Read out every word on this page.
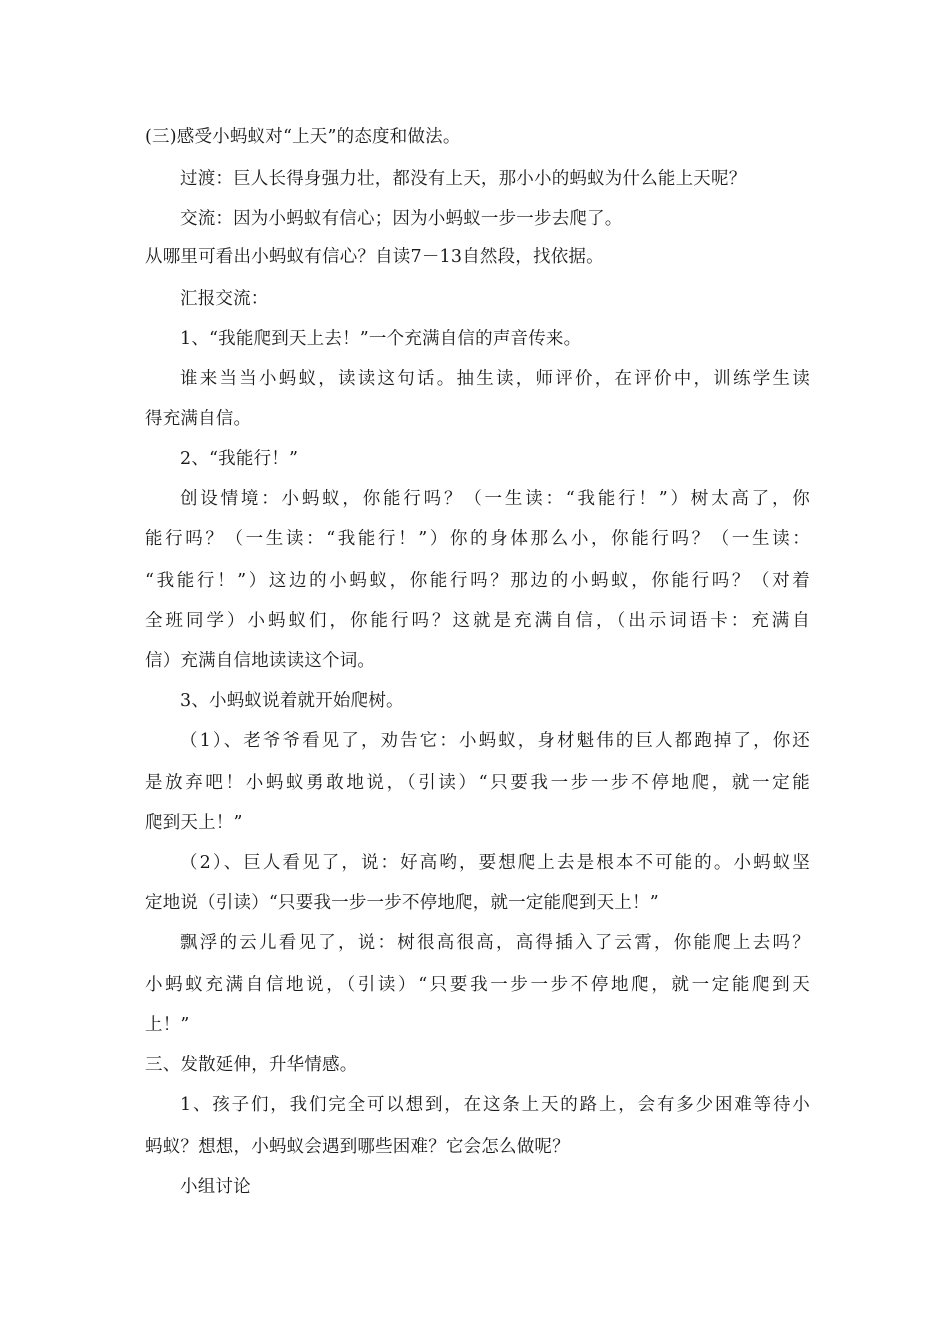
(三)感受小蚂蚁对“上天”的态度和做法。
过渡：巨人长得身强力壮，都没有上天，那小小的蚂蚁为什么能上天呢？
交流：因为小蚂蚁有信心；因为小蚂蚁一步一步去爬了。
从哪里可看出小蚂蚁有信心？自读7－13自然段，找依据。
汇报交流：
1、“我能爬到天上去！”一个充满自信的声音传来。
谁来当当小蚂蚁，读读这句话。抽生读，师评价，在评价中，训练学生读
得充满自信。
2、“我能行！”
创设情境：小蚂蚁，你能行吗？（一生读：“我能行！”）树太高了，你
能行吗？（一生读：“我能行！”）你的身体那么小，你能行吗？（一生读：
“我能行！”）这边的小蚂蚁，你能行吗？那边的小蚂蚁，你能行吗？（对着
全班同学）小蚂蚁们，你能行吗？这就是充满自信，（出示词语卡：充满自
信）充满自信地读读这个词。
3、小蚂蚁说着就开始爬树。
（1）、老爷爷看见了，劝告它：小蚂蚁，身材魁伟的巨人都跑掉了，你还
是放弃吧！小蚂蚁勇敢地说，（引读）“只要我一步一步不停地爬，就一定能
爬到天上！”
（2）、巨人看见了，说：好高哟，要想爬上去是根本不可能的。小蚂蚁坚
定地说（引读）“只要我一步一步不停地爬，就一定能爬到天上！”
飘浮的云儿看见了，说：树很高很高，高得插入了云霄，你能爬上去吗？
小蚂蚁充满自信地说，（引读）“只要我一步一步不停地爬，就一定能爬到天
上！”
三、发散延伸，升华情感。
1、孩子们，我们完全可以想到，在这条上天的路上，会有多少困难等待小
蚂蚁？想想，小蚂蚁会遇到哪些困难？它会怎么做呢？
小组讨论
